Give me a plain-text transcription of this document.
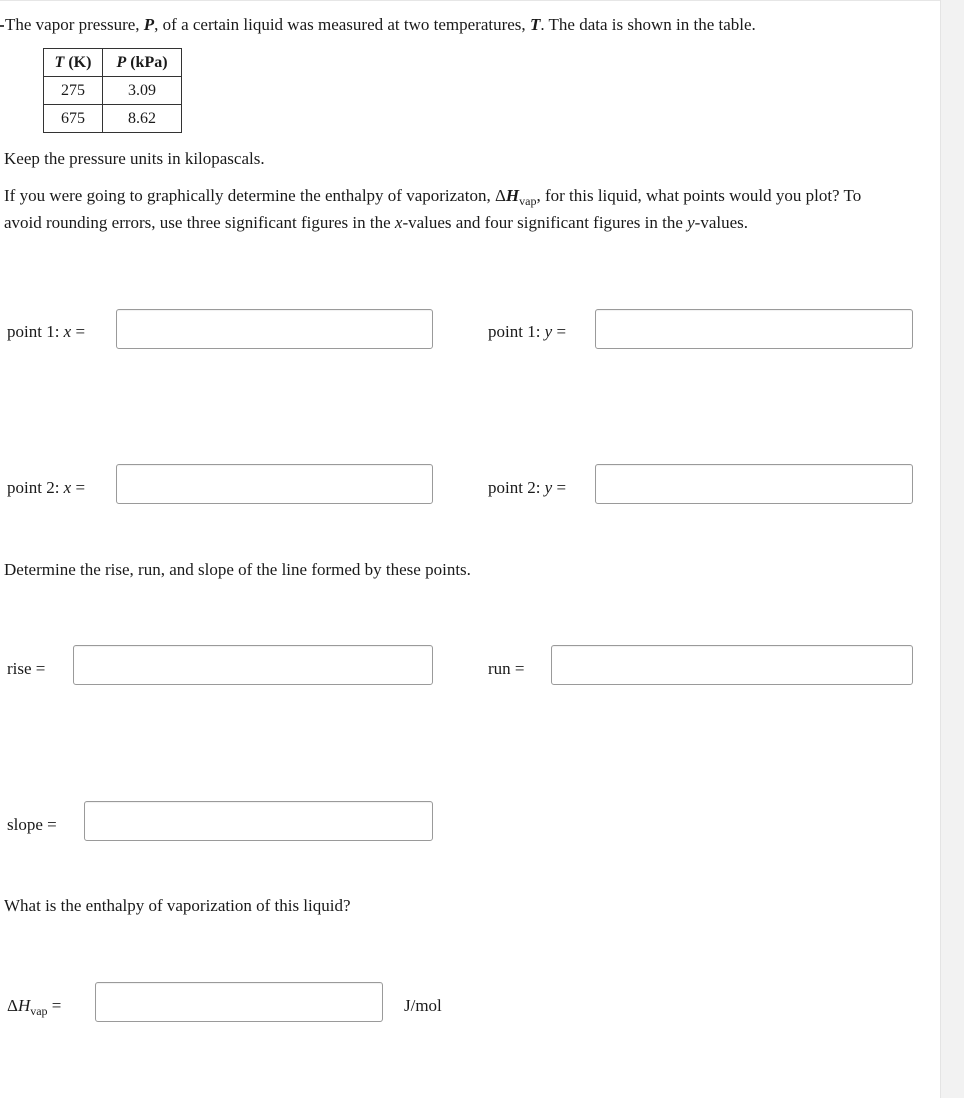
The vapor pressure, P, of a certain liquid was measured at two temperatures, T. The data is shown in the table.
T (K)	P (kPa)
275	3.09
675	8.62
Keep the pressure units in kilopascals.
If you were going to graphically determine the enthalpy of vaporizaton, $\Delta H_{vap}$, for this liquid, what points would you plot? To
avoid rounding errors, use three significant figures in the x-values and four significant figures in the y-values.
point 1: x =	point 1: y =
point 2: x =	point 2: y =
Determine the rise, run, and slope of the line formed by these points.
rise =	run =
slope =
What is the enthalpy of vaporization of this liquid?
$\Delta H_{vap}$ =	J/mol
